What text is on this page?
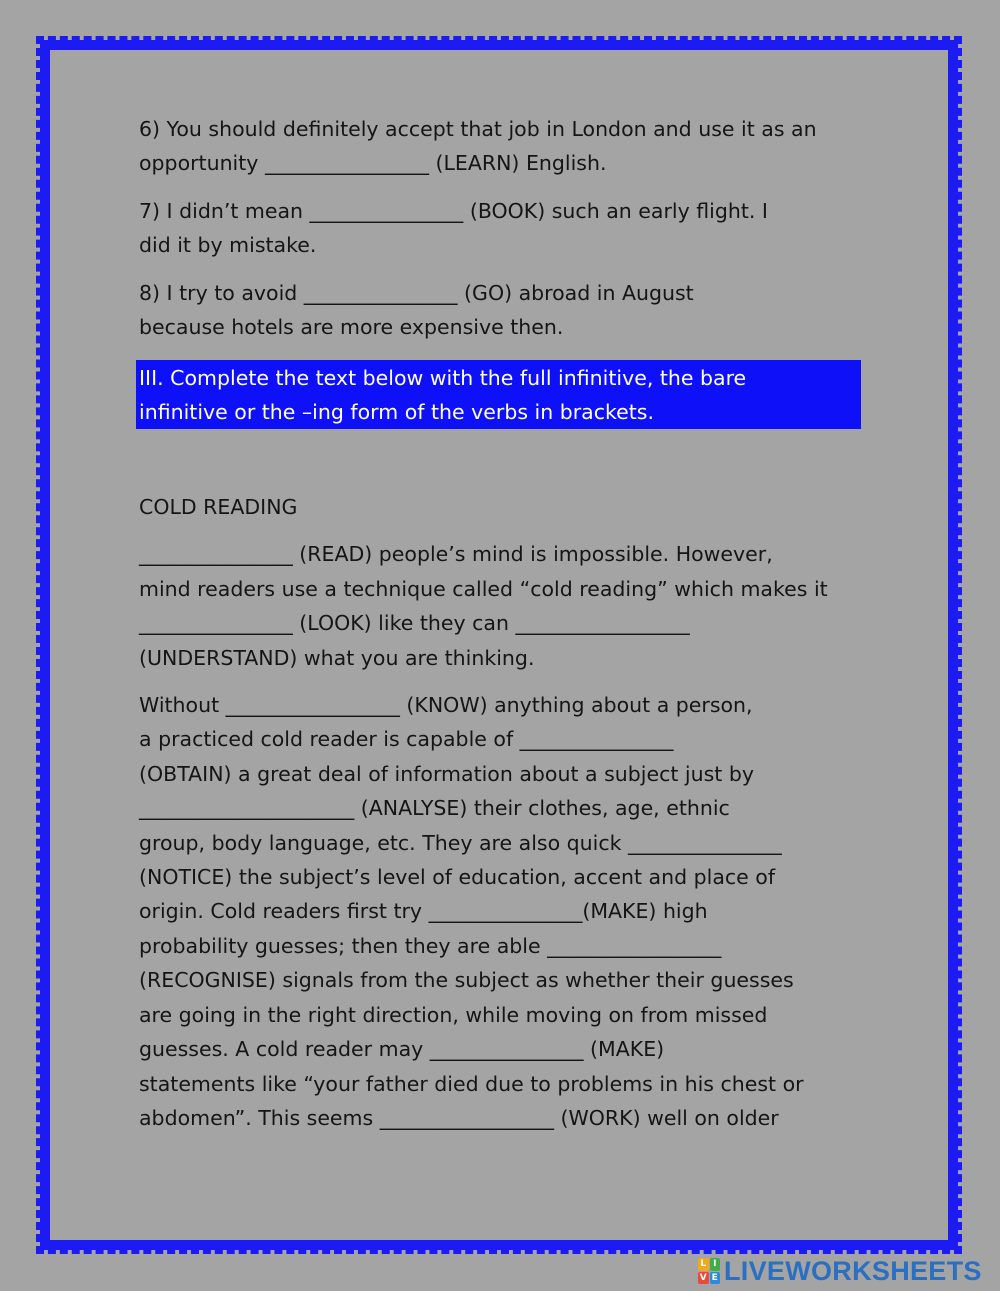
6) You should definitely accept that job in London and use it as an

opportunity ________________ (LEARN) English.

7) I didn’t mean _______________ (BOOK) such an early flight. I

did it by mistake.

8) I try to avoid _______________ (GO) abroad in August

because hotels are more expensive then.

III. Complete the text below with the full infinitive, the bare

infinitive or the –ing form of the verbs in brackets.

COLD READING

_______________ (READ) people’s mind is impossible. However,

mind readers use a technique called “cold reading” which makes it

_______________ (LOOK) like they can _________________

(UNDERSTAND) what you are thinking.

Without _________________ (KNOW) anything about a person,

a practiced cold reader is capable of _______________

(OBTAIN) a great deal of information about a subject just by

_____________________ (ANALYSE) their clothes, age, ethnic

group, body language, etc. They are also quick _______________

(NOTICE) the subject’s level of education, accent and place of

origin. Cold readers first try _______________(MAKE) high

probability guesses; then they are able _________________

(RECOGNISE) signals from the subject as whether their guesses

are going in the right direction, while moving on from missed

guesses. A cold reader may _______________ (MAKE)

statements like “your father died due to problems in his chest or

abdomen”. This seems _________________ (WORK) well on older

L I
V E LIVEWORKSHEETS
